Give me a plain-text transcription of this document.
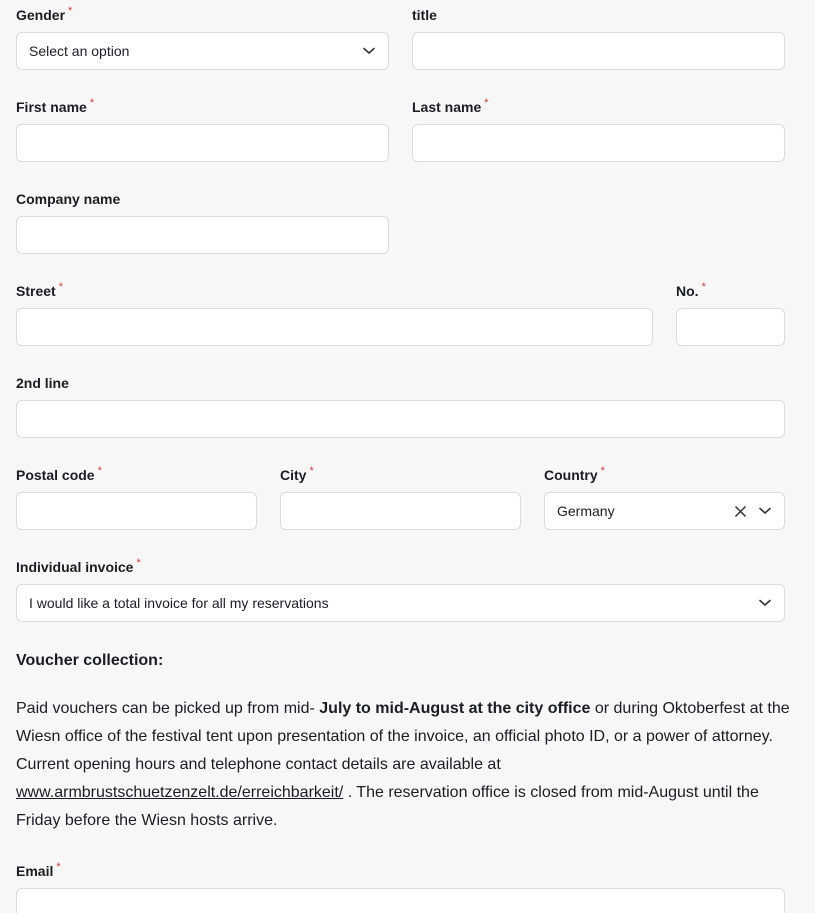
Gender *
Select an option
title
First name *	Last name *
Company name
Street *	No. *
2nd line
Postal code *	City *	Country *
Germany
Individual invoice *
I would like a total invoice for all my reservations
Voucher collection:
Paid vouchers can be picked up from mid- July to mid-August at the city office or during Oktoberfest at the Wiesn office of the festival tent upon presentation of the invoice, an official photo ID, or a power of attorney. Current opening hours and telephone contact details are available at www.armbrustschuetzenzelt.de/erreichbarkeit/ . The reservation office is closed from mid-August until the Friday before the Wiesn hosts arrive.
Email *
